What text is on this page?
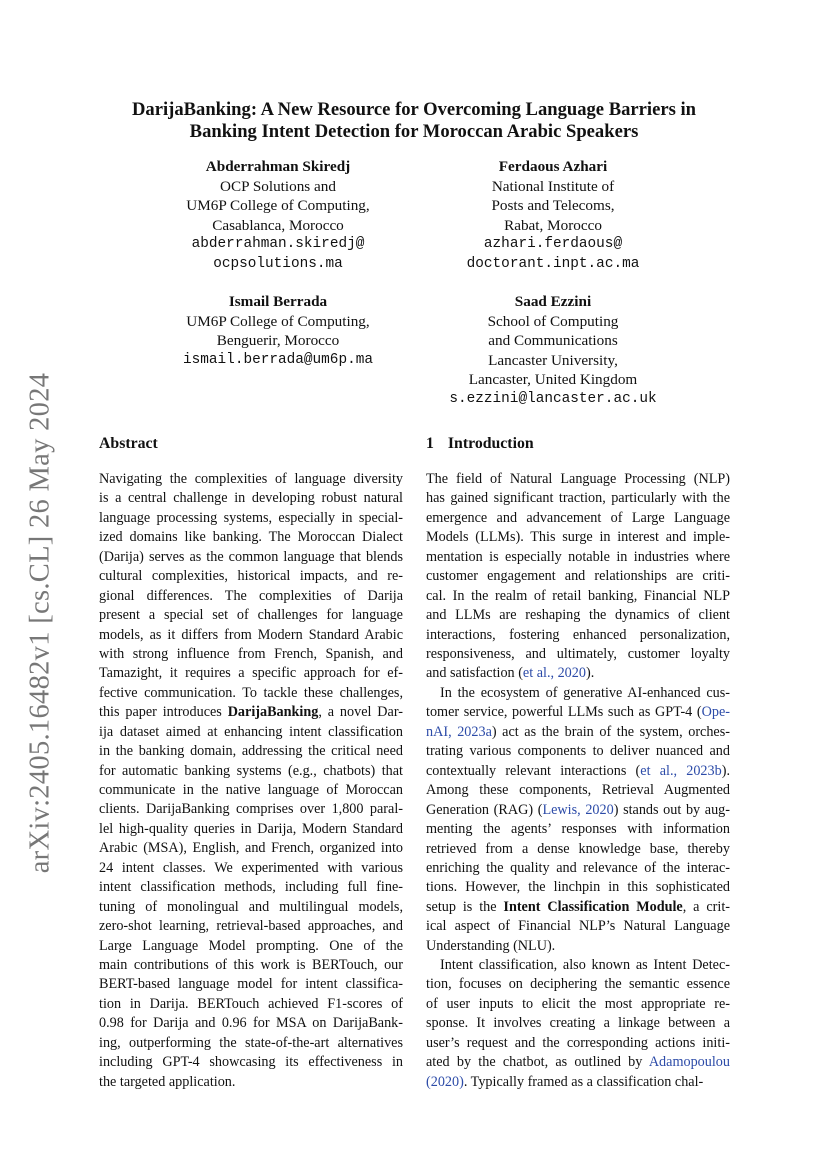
arXiv:2405.16482v1 [cs.CL] 26 May 2024
DarijaBanking: A New Resource for Overcoming Language Barriers in
Banking Intent Detection for Moroccan Arabic Speakers
Abderrahman Skiredj
OCP Solutions and
UM6P College of Computing,
Casablanca, Morocco
abderrahman.skiredj@
ocpsolutions.ma
Ferdaous Azhari
National Institute of
Posts and Telecoms,
Rabat, Morocco
azhari.ferdaous@
doctorant.inpt.ac.ma
Ismail Berrada
UM6P College of Computing,
Benguerir, Morocco
ismail.berrada@um6p.ma
Saad Ezzini
School of Computing
and Communications
Lancaster University,
Lancaster, United Kingdom
s.ezzini@lancaster.ac.uk
Abstract
Navigating the complexities of language diversity
is a central challenge in developing robust natural
language processing systems, especially in special-
ized domains like banking. The Moroccan Dialect
(Darija) serves as the common language that blends
cultural complexities, historical impacts, and re-
gional differences. The complexities of Darija
present a special set of challenges for language
models, as it differs from Modern Standard Arabic
with strong influence from French, Spanish, and
Tamazight, it requires a specific approach for ef-
fective communication. To tackle these challenges,
this paper introduces DarijaBanking, a novel Dar-
ija dataset aimed at enhancing intent classification
in the banking domain, addressing the critical need
for automatic banking systems (e.g., chatbots) that
communicate in the native language of Moroccan
clients. DarijaBanking comprises over 1,800 paral-
lel high-quality queries in Darija, Modern Standard
Arabic (MSA), English, and French, organized into
24 intent classes. We experimented with various
intent classification methods, including full fine-
tuning of monolingual and multilingual models,
zero-shot learning, retrieval-based approaches, and
Large Language Model prompting. One of the
main contributions of this work is BERTouch, our
BERT-based language model for intent classifica-
tion in Darija. BERTouch achieved F1-scores of
0.98 for Darija and 0.96 for MSA on DarijaBank-
ing, outperforming the state-of-the-art alternatives
including GPT-4 showcasing its effectiveness in
the targeted application.
1 Introduction
The field of Natural Language Processing (NLP)
has gained significant traction, particularly with the
emergence and advancement of Large Language
Models (LLMs). This surge in interest and imple-
mentation is especially notable in industries where
customer engagement and relationships are criti-
cal. In the realm of retail banking, Financial NLP
and LLMs are reshaping the dynamics of client
interactions, fostering enhanced personalization,
responsiveness, and ultimately, customer loyalty
and satisfaction (et al., 2020).
In the ecosystem of generative AI-enhanced cus-
tomer service, powerful LLMs such as GPT-4 (Ope-
nAI, 2023a) act as the brain of the system, orches-
trating various components to deliver nuanced and
contextually relevant interactions (et al., 2023b).
Among these components, Retrieval Augmented
Generation (RAG) (Lewis, 2020) stands out by aug-
menting the agents’ responses with information
retrieved from a dense knowledge base, thereby
enriching the quality and relevance of the interac-
tions. However, the linchpin in this sophisticated
setup is the Intent Classification Module, a crit-
ical aspect of Financial NLP’s Natural Language
Understanding (NLU).
Intent classification, also known as Intent Detec-
tion, focuses on deciphering the semantic essence
of user inputs to elicit the most appropriate re-
sponse. It involves creating a linkage between a
user’s request and the corresponding actions initi-
ated by the chatbot, as outlined by Adamopoulou
(2020). Typically framed as a classification chal-
